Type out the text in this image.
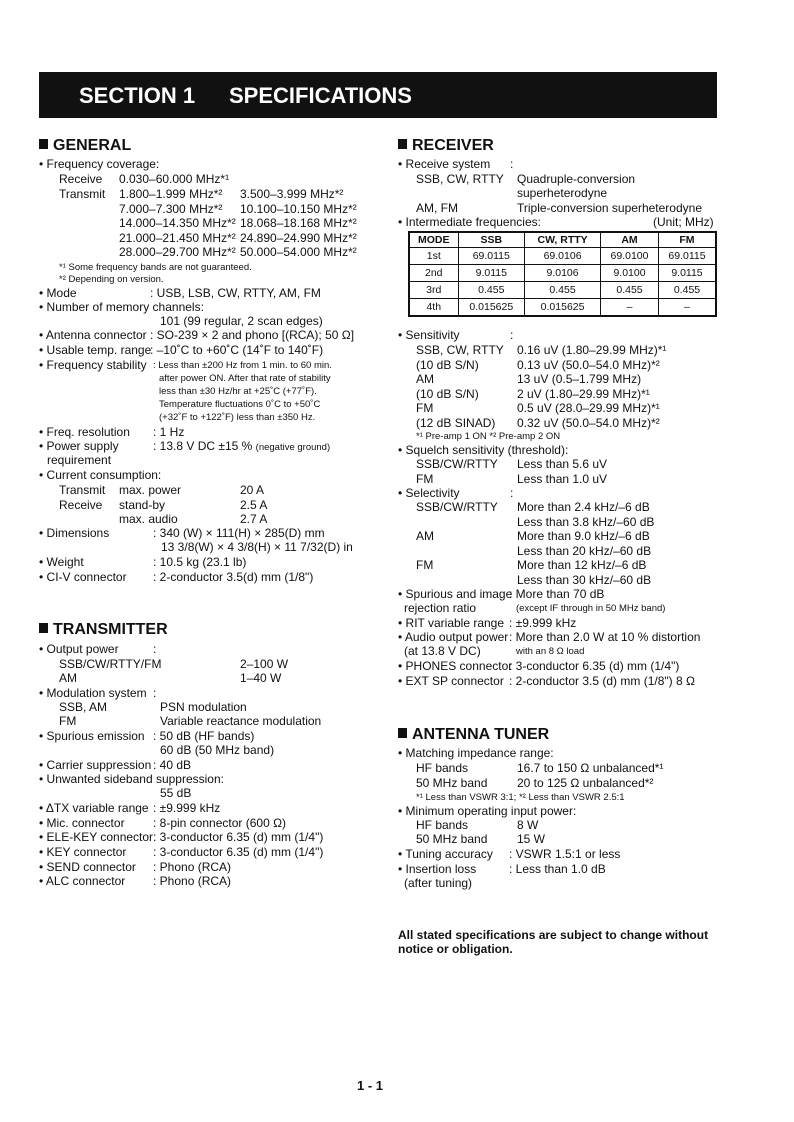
SECTION 1 SPECIFICATIONS
GENERAL
• Frequency coverage:
Receive 0.030–60.000 MHz*¹
Transmit 1.800–1.999 MHz*² 3.500–3.999 MHz*²
7.000–7.300 MHz*² 10.100–10.150 MHz*²
14.000–14.350 MHz*² 18.068–18.168 MHz*²
21.000–21.450 MHz*² 24.890–24.990 MHz*²
28.000–29.700 MHz*² 50.000–54.000 MHz*²
*¹ Some frequency bands are not guaranteed.
*² Depending on version.
• Mode	: USB, LSB, CW, RTTY, AM, FM
• Number of memory channels:
101 (99 regular, 2 scan edges)
• Antenna connector : SO-239 × 2 and phono [(RCA); 50 Ω]
• Usable temp. range
: –10˚C to +60˚C (14˚F to 140˚F)
• Frequency stability : Less than ±200 Hz from 1 min. to 60 min.
after power ON. After that rate of stability
less than ±30 Hz/hr at +25˚C (+77˚F).
Temperature fluctuations 0˚C to +50˚C
(+32˚F to +122˚F) less than ±350 Hz.
• Freq. resolution : 1 Hz
• Power supply	: 13.8 V DC ±15 % (negative ground)
requirement
• Current consumption:
Transmit max. power	20 A
Receive stand-by	2.5 A
max. audio	2.7 A
• Dimensions	: 340 (W) × 111(H) × 285(D) mm
13 3/8(W) × 4 3/8(H) × 11 7/32(D) in
• Weight	: 10.5 kg (23.1 lb)
• CI-V connector : 2-conductor 3.5(d) mm (1/8")
TRANSMITTER
• Output power	:
SSB/CW/RTTY/FM	2–100 W
AM	1–40 W
• Modulation system :
SSB, AM	PSN modulation
FM	Variable reactance modulation
• Spurious emission : 50 dB (HF bands)
60 dB (50 MHz band)
• Carrier suppression : 40 dB
• Unwanted sideband suppression:
55 dB
• ΔTX variable range : ±9.999 kHz
• Mic. connector : 8-pin connector (600 Ω)
• ELE-KEY connector : 3-conductor 6.35 (d) mm (1/4")
• KEY connector : 3-conductor 6.35 (d) mm (1/4")
• SEND connector : Phono (RCA)
• ALC connector : Phono (RCA)
RECEIVER
• Receive system :
SSB, CW, RTTY Quadruple-conversion
superheterodyne
AM, FM	Triple-conversion superheterodyne
• Intermediate frequencies:	(Unit; MHz)
MODE	SSB	CW, RTTY	AM	FM
1st	69.0115	69.0106	69.0100	69.0115
2nd	9.0115	9.0106	9.0100	9.0115
3rd	0.455	0.455	0.455	0.455
4th	0.015625	0.015625	–	–
• Sensitivity	:
SSB, CW, RTTY 0.16 uV (1.80–29.99 MHz)*¹
(10 dB S/N)	0.13 uV (50.0–54.0 MHz)*²
AM	13 uV (0.5–1.799 MHz)
(10 dB S/N)	2 uV (1.80–29.99 MHz)*¹
FM	0.5 uV (28.0–29.99 MHz)*¹
(12 dB SINAD) 0.32 uV (50.0–54.0 MHz)*²
*¹ Pre-amp 1 ON *² Pre-amp 2 ON
• Squelch sensitivity (threshold):
SSB/CW/RTTY Less than 5.6 uV
FM	Less than 1.0 uV
• Selectivity	:
SSB/CW/RTTY More than 2.4 kHz/–6 dB
Less than 3.8 kHz/–60 dB
AM	More than 9.0 kHz/–6 dB
Less than 20 kHz/–60 dB
FM	More than 12 kHz/–6 dB
Less than 30 kHz/–60 dB
• Spurious and image
: More than 70 dB
rejection ratio	(except IF through in 50 MHz band)
• RIT variable range : ±9.999 kHz
• Audio output power : More than 2.0 W at 10 % distortion
(at 13.8 V DC)	with an 8 Ω load
• PHONES connector
: 3-conductor 6.35 (d) mm (1/4")
• EXT SP connector : 2-conductor 3.5 (d) mm (1/8") 8 Ω
ANTENNA TUNER
• Matching impedance range:
HF bands	16.7 to 150 Ω unbalanced*¹
50 MHz band 20 to 125 Ω unbalanced*²
*¹ Less than VSWR 3:1; *² Less than VSWR 2.5:1
• Minimum operating input power:
HF bands	8 W
50 MHz band 15 W
• Tuning accuracy : VSWR 1.5:1 or less
• Insertion loss	: Less than 1.0 dB
(after tuning)
All stated specifications are subject to change without
notice or obligation.
1 - 1
